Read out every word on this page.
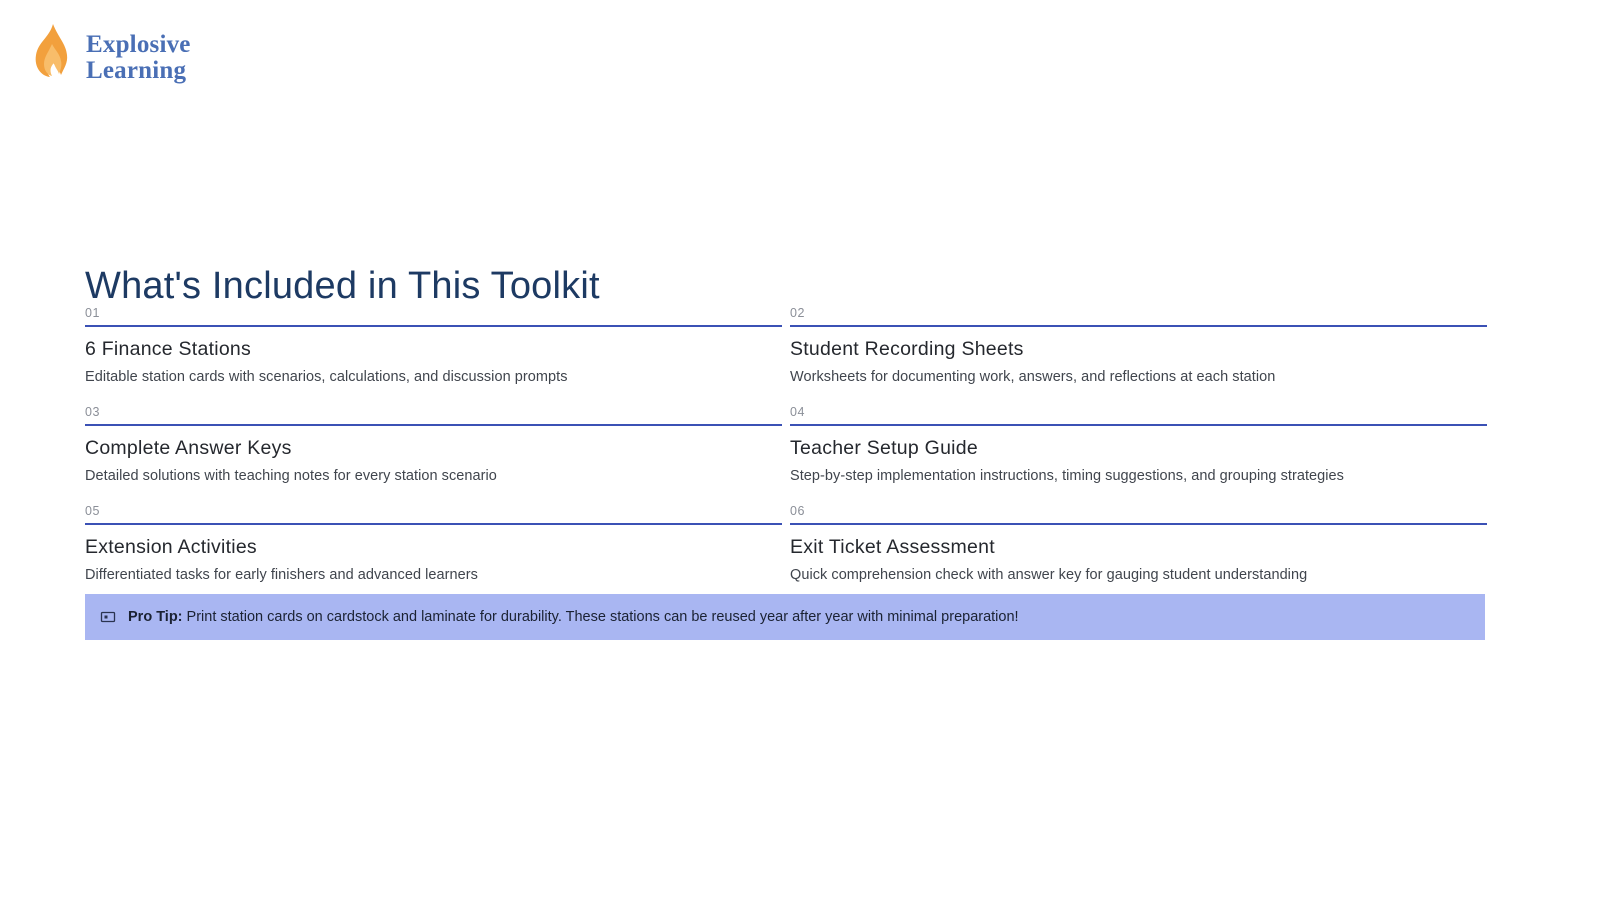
Explosive
Learning
What's Included in This Toolkit
01
6 Finance Stations
Editable station cards with scenarios, calculations, and discussion prompts
02
Student Recording Sheets
Worksheets for documenting work, answers, and reflections at each station
03
Complete Answer Keys
Detailed solutions with teaching notes for every station scenario
04
Teacher Setup Guide
Step-by-step implementation instructions, timing suggestions, and grouping strategies
05
Extension Activities
Differentiated tasks for early finishers and advanced learners
06
Exit Ticket Assessment
Quick comprehension check with answer key for gauging student understanding
Pro Tip: Print station cards on cardstock and laminate for durability. These stations can be reused year after year with minimal preparation!
